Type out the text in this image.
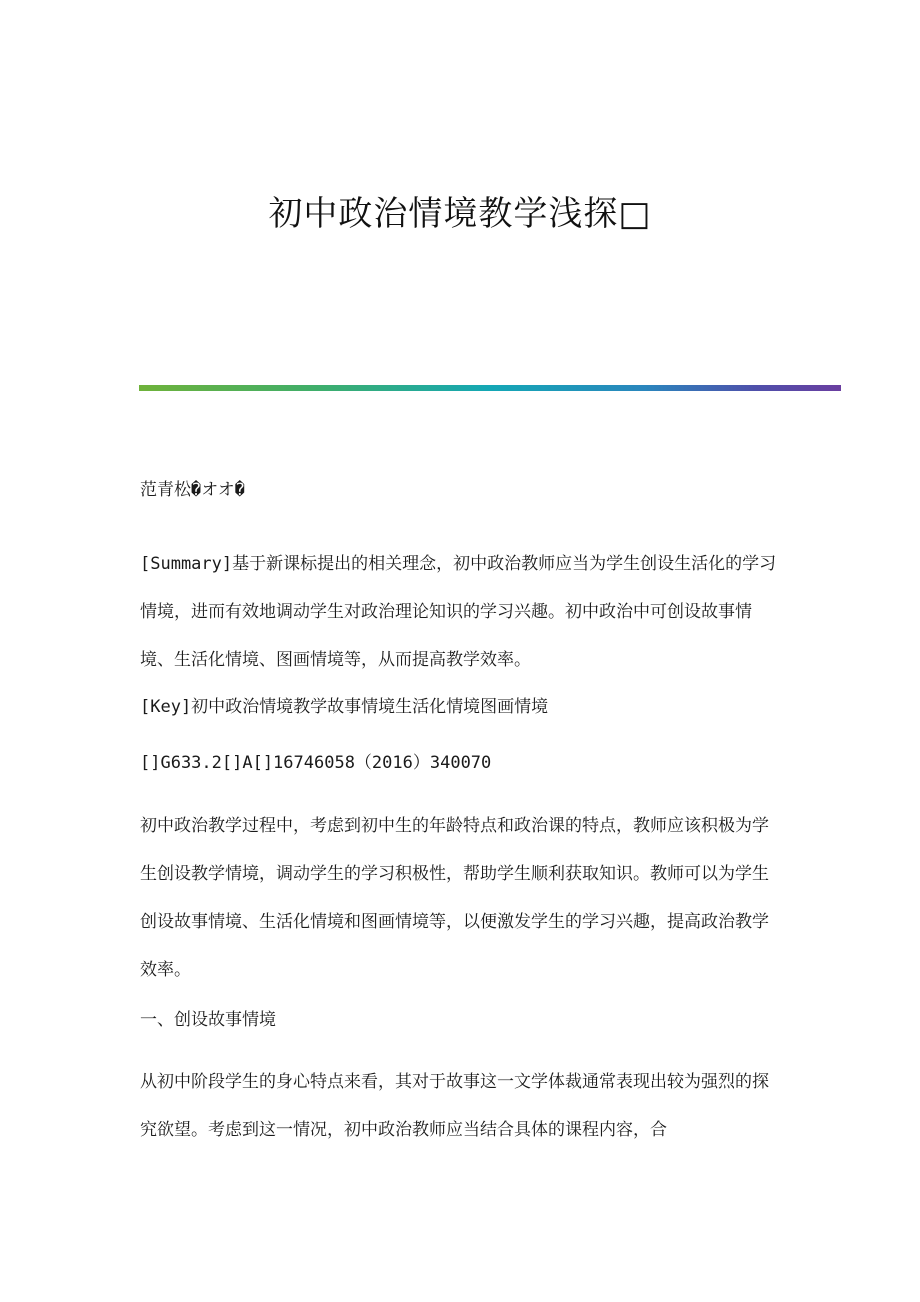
初中政治情境教学浅探□

范青松�オオ�

[Summary]基于新课标提出的相关理念，初中政治教师应当为学生创设生活化的学习情境，进而有效地调动学生对政治理论知识的学习兴趣。初中政治中可创设故事情境、生活化情境、图画情境等，从而提高教学效率。

[Key]初中政治情境教学故事情境生活化情境图画情境

[]G633.2[]A[]16746058（2016）340070

初中政治教学过程中，考虑到初中生的年龄特点和政治课的特点，教师应该积极为学生创设教学情境，调动学生的学习积极性，帮助学生顺利获取知识。教师可以为学生创设故事情境、生活化情境和图画情境等，以便激发学生的学习兴趣，提高政治教学效率。

一、创设故事情境

从初中阶段学生的身心特点来看，其对于故事这一文学体裁通常表现出较为强烈的探究欲望。考虑到这一情况，初中政治教师应当结合具体的课程内容，合
